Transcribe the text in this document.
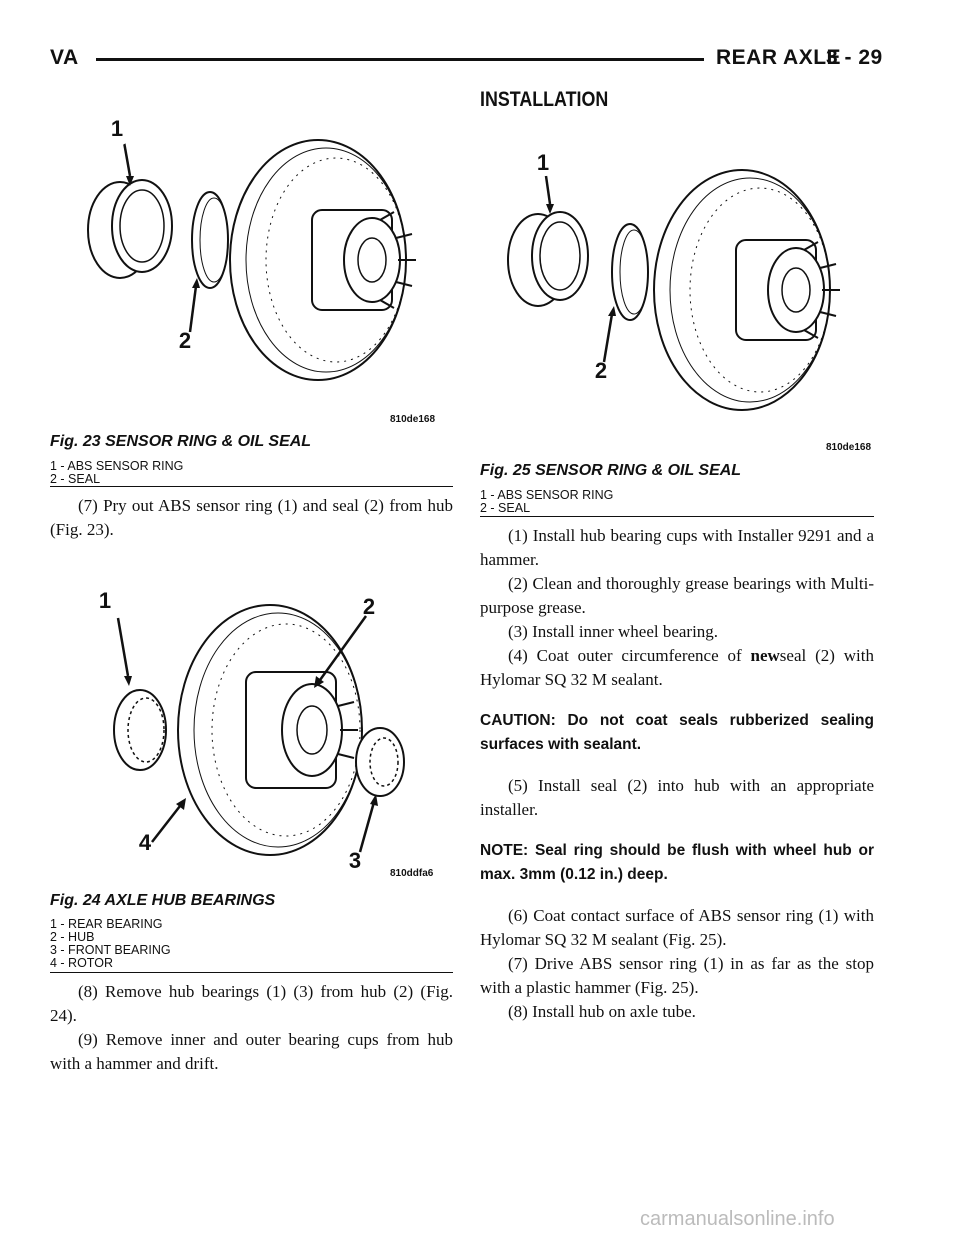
VA	REAR AXLE
3 - 29
1
2
810de168
Fig. 23 SENSOR RING & OIL SEAL
1 - ABS SENSOR RING
2 - SEAL

(7) Pry out ABS sensor ring (1) and seal (2) from hub (Fig. 23).

1	2
3
4
810ddfa6
Fig. 24 AXLE HUB BEARINGS
1 - REAR BEARING
2 - HUB
3 - FRONT BEARING
4 - ROTOR

(8) Remove hub bearings (1) (3) from hub (2) (Fig. 24).

(9) Remove inner and outer bearing cups from hub with a hammer and drift.

INSTALLATION
1
2
810de168
Fig. 25 SENSOR RING & OIL SEAL
1 - ABS SENSOR RING
2 - SEAL

(1) Install hub bearing cups with Installer 9291 and a hammer.

(2) Clean and thoroughly grease bearings with Multi-purpose grease.

(3) Install inner wheel bearing.

(4) Coat outer circumference of newseal (2) with Hylomar SQ 32 M sealant.

CAUTION: Do not coat seals rubberized sealing surfaces with sealant.

(5) Install seal (2) into hub with an appropriate installer.

NOTE: Seal ring should be flush with wheel hub or max. 3mm (0.12 in.) deep.

(6) Coat contact surface of ABS sensor ring (1) with Hylomar SQ 32 M sealant (Fig. 25).

(7) Drive ABS sensor ring (1) in as far as the stop with a plastic hammer (Fig. 25).

(8) Install hub on axle tube.

carmanualsonline.info
